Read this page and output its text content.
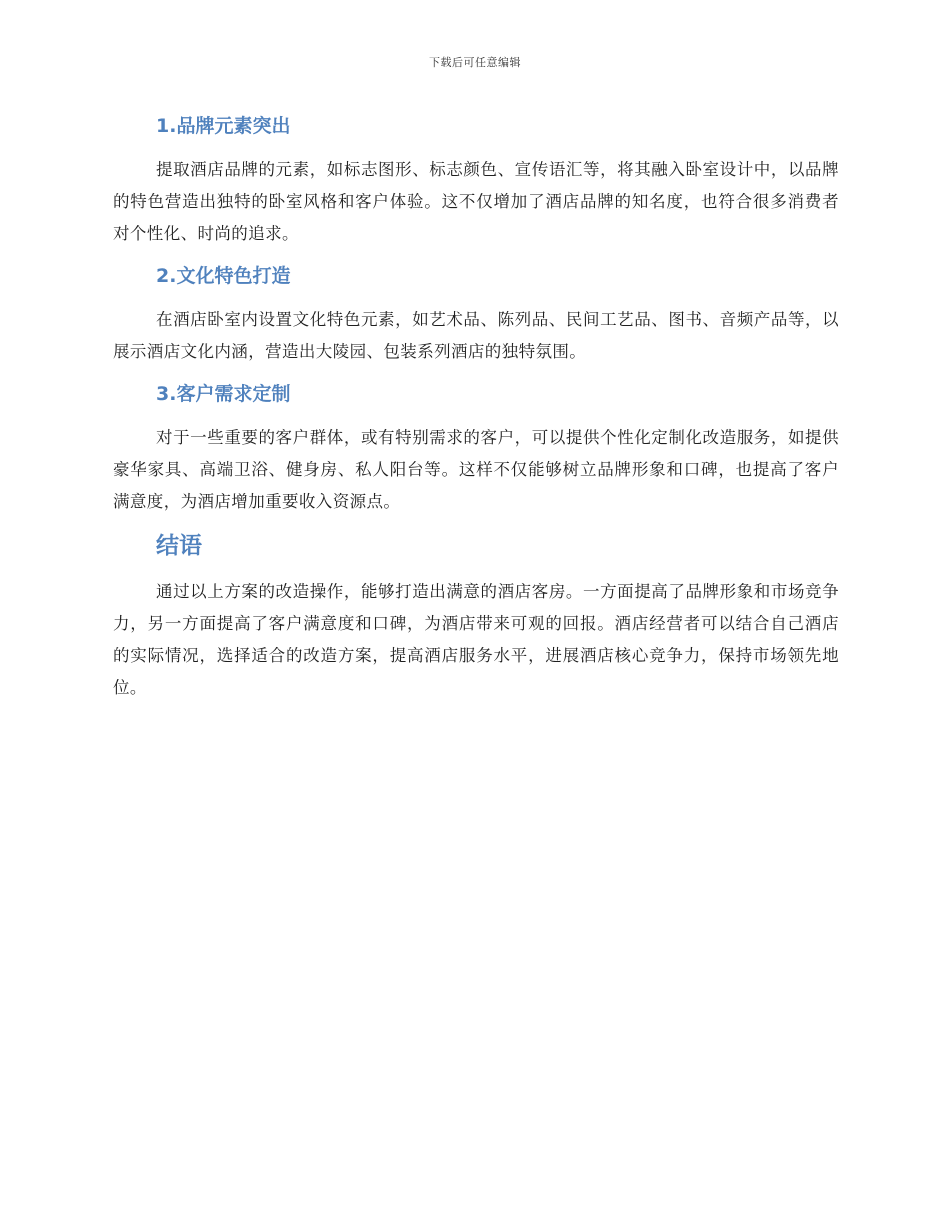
下载后可任意编辑
1.品牌元素突出

提取酒店品牌的元素，如标志图形、标志颜色、宣传语汇等，将其融入卧室设计中，以品牌的特色营造出独特的卧室风格和客户体验。这不仅增加了酒店品牌的知名度，也符合很多消费者对个性化、时尚的追求。

2.文化特色打造

在酒店卧室内设置文化特色元素，如艺术品、陈列品、民间工艺品、图书、音频产品等，以展示酒店文化内涵，营造出大陵园、包装系列酒店的独特氛围。

3.客户需求定制

对于一些重要的客户群体，或有特别需求的客户，可以提供个性化定制化改造服务，如提供豪华家具、高端卫浴、健身房、私人阳台等。这样不仅能够树立品牌形象和口碑，也提高了客户满意度，为酒店增加重要收入资源点。

结语

通过以上方案的改造操作，能够打造出满意的酒店客房。一方面提高了品牌形象和市场竞争力，另一方面提高了客户满意度和口碑，为酒店带来可观的回报。酒店经营者可以结合自己酒店的实际情况，选择适合的改造方案，提高酒店服务水平，进展酒店核心竞争力，保持市场领先地位。
